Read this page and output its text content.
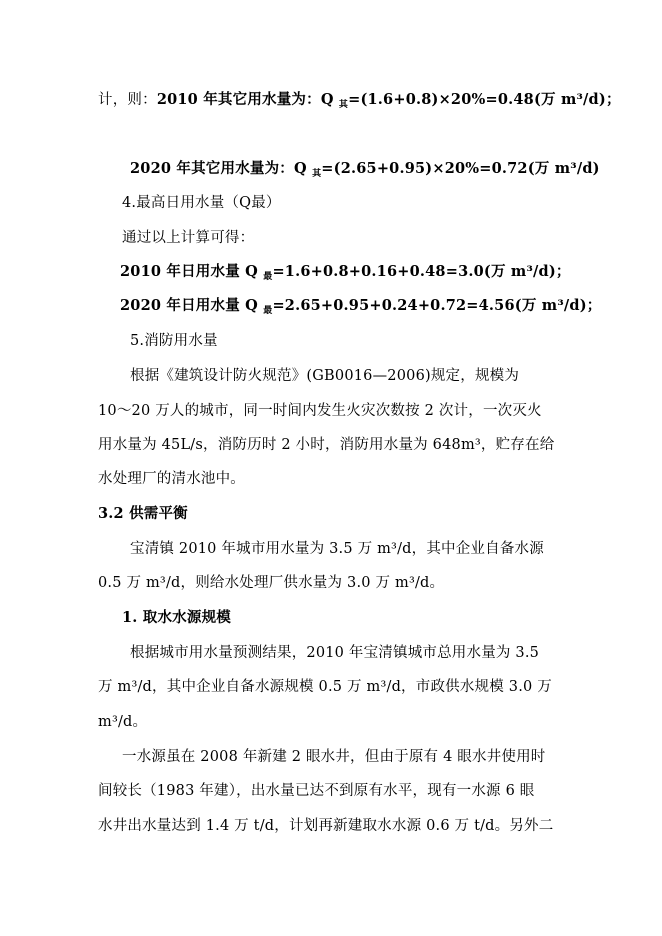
计，则：2010 年其它用水量为：Q $_其$=(1.6+0.8)×20%=0.48(万 m³/d)；
2020 年其它用水量为：Q $_其$=(2.65+0.95)×20%=0.72(万 m³/d)
4.最高日用水量（Q最）
通过以上计算可得：
2010 年日用水量 Q $_最$=1.6+0.8+0.16+0.48=3.0(万 m³/d)；
2020 年日用水量 Q $_最$=2.65+0.95+0.24+0.72=4.56(万 m³/d)；
5.消防用水量
根据《建筑设计防火规范》(GB0016—2006)规定，规模为
10～20 万人的城市，同一时间内发生火灾次数按 2 次计，一次灭火
用水量为 45L/s，消防历时 2 小时，消防用水量为 648m³，贮存在给
水处理厂的清水池中。
3.2 供需平衡
宝清镇 2010 年城市用水量为 3.5 万 m³/d，其中企业自备水源
0.5 万 m³/d，则给水处理厂供水量为 3.0 万 m³/d。
1. 取水水源规模
根据城市用水量预测结果，2010 年宝清镇城市总用水量为 3.5
万 m³/d，其中企业自备水源规模 0.5 万 m³/d，市政供水规模 3.0 万
m³/d。
一水源虽在 2008 年新建 2 眼水井，但由于原有 4 眼水井使用时
间较长（1983 年建），出水量已达不到原有水平，现有一水源 6 眼
水井出水量达到 1.4 万 t/d，计划再新建取水水源 0.6 万 t/d。另外二
